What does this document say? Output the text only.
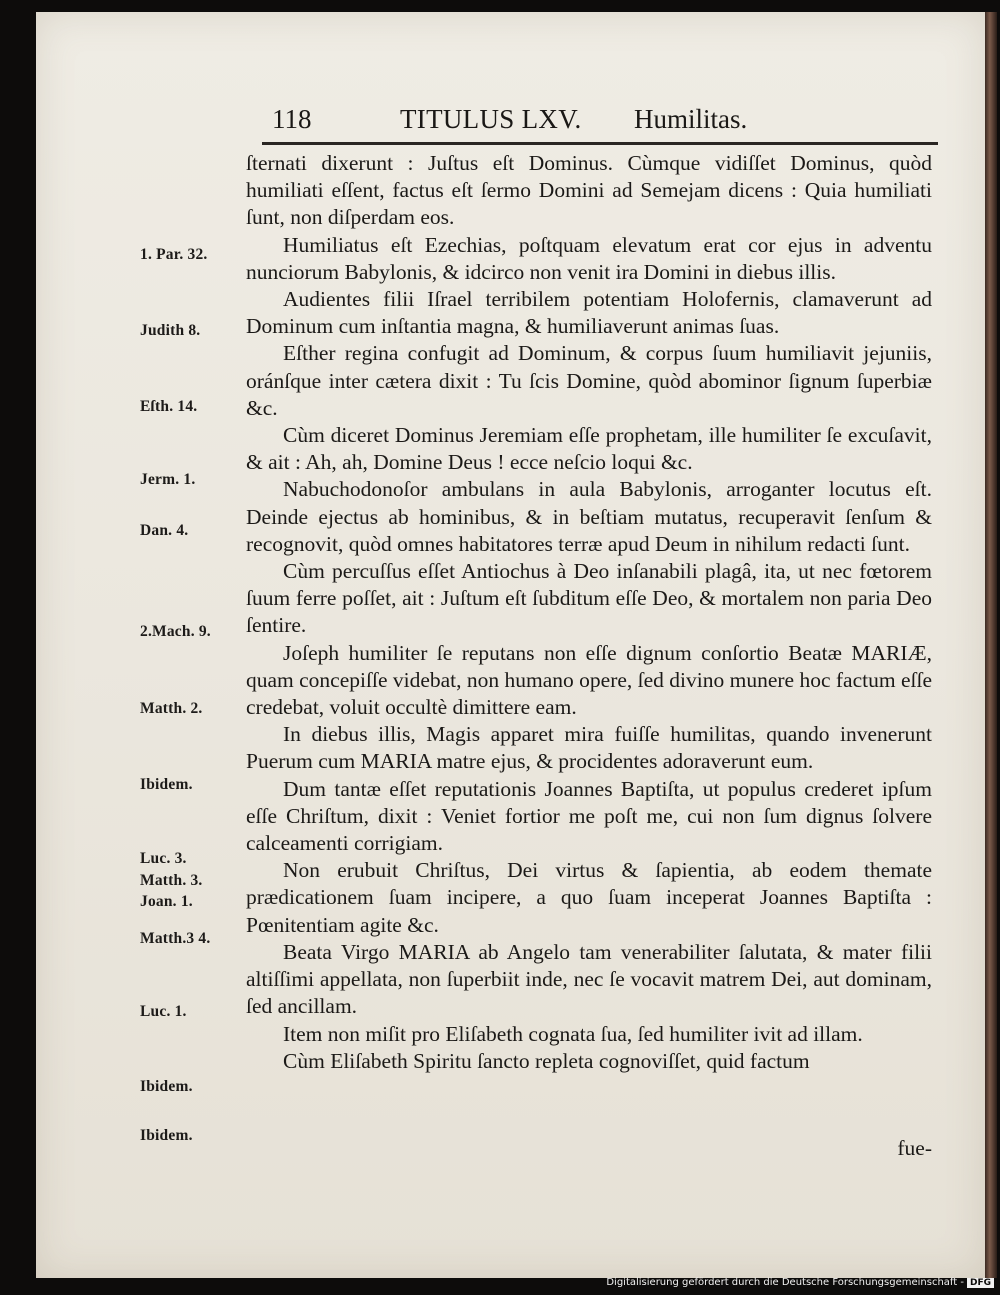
118	TITULUS LXV. Humilitas.

ſternati dixerunt : Juſtus eſt Dominus. Cùmque vidiſſet Dominus, quòd humiliati eſſent, factus eſt ſermo Domini ad Semejam dicens : Quia humiliati ſunt, non diſperdam eos.

Humiliatus eſt Ezechias, poſtquam elevatum erat cor ejus in adventu nunciorum Babylonis, & idcirco non venit ira Domini in diebus illis.

Audientes filii Iſrael terribilem potentiam Holofernis, clamaverunt ad Dominum cum inſtantia magna, & humiliaverunt animas ſuas.

Eſther regina confugit ad Dominum, & corpus ſuum humiliavit jejuniis, oránſque inter cætera dixit : Tu ſcis Domine, quòd abominor ſignum ſuperbiæ &c.

Cùm diceret Dominus Jeremiam eſſe prophetam, ille humiliter ſe excuſavit, & ait : Ah, ah, Domine Deus ! ecce neſcio loqui &c.

Nabuchodonoſor ambulans in aula Babylonis, arroganter locutus eſt. Deinde ejectus ab hominibus, & in beſtiam mutatus, recuperavit ſenſum & recognovit, quòd omnes habitatores terræ apud Deum in nihilum redacti ſunt.

Cùm percuſſus eſſet Antiochus à Deo inſanabili plagâ, ita, ut nec fœtorem ſuum ferre poſſet, ait : Juſtum eſt ſubditum eſſe Deo, & mortalem non paria Deo ſentire.

Joſeph humiliter ſe reputans non eſſe dignum conſortio Beatæ MARIÆ, quam concepiſſe videbat, non humano opere, ſed divino munere hoc factum eſſe credebat, voluit occultè dimittere eam.

In diebus illis, Magis apparet mira fuiſſe humilitas, quando invenerunt Puerum cum MARIA matre ejus, & procidentes adoraverunt eum.

Dum tantæ eſſet reputationis Joannes Baptiſta, ut populus crederet ipſum eſſe Chriſtum, dixit : Veniet fortior me poſt me, cui non ſum dignus ſolvere calceamenti corrigiam.

Non erubuit Chriſtus, Dei virtus & ſapientia, ab eodem themate prædicationem ſuam incipere, a quo ſuam inceperat Joannes Baptiſta : Pœnitentiam agite &c.

Beata Virgo MARIA ab Angelo tam venerabiliter ſalutata, & mater filii altiſſimi appellata, non ſuperbiit inde, nec ſe vocavit matrem Dei, aut dominam, ſed ancillam.

Item non miſit pro Eliſabeth cognata ſua, ſed humiliter ivit ad illam.

Cùm Eliſabeth Spiritu ſancto repleta cognoviſſet, quid factum

fue-
1. Par. 32.
Judith 8.
Eſth. 14.
Jerm. 1.
Dan. 4.
2.Mach. 9.
Matth. 2.
Ibidem.
Luc. 3.
Matth. 3.
Joan. 1.
Matth.3 4.
Luc. 1.
Ibidem.
Ibidem.
Digitalisierung gefördert durch die Deutsche Forschungsgemeinschaft - DFG
